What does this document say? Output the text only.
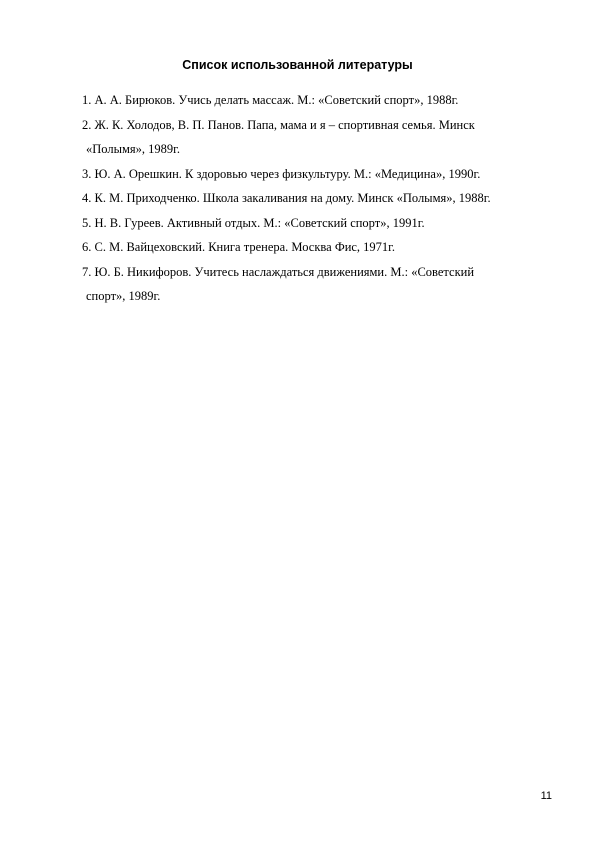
Список использованной литературы
1. А. А. Бирюков. Учись делать массаж. М.: «Советский спорт», 1988г.
2. Ж. К. Холодов, В. П. Панов. Папа, мама и я – спортивная семья. Минск
«Полымя», 1989г.
3. Ю. А. Орешкин. К здоровью через физкультуру. М.: «Медицина», 1990г.
4. К. М. Приходченко. Школа закаливания на дому. Минск «Полымя», 1988г.
5. Н. В. Гуреев. Активный отдых. М.: «Советский спорт», 1991г.
6. С. М. Вайцеховский. Книга тренера. Москва Фис, 1971г.
7. Ю. Б. Никифоров. Учитесь наслаждаться движениями. М.: «Советский
спорт», 1989г.
11
